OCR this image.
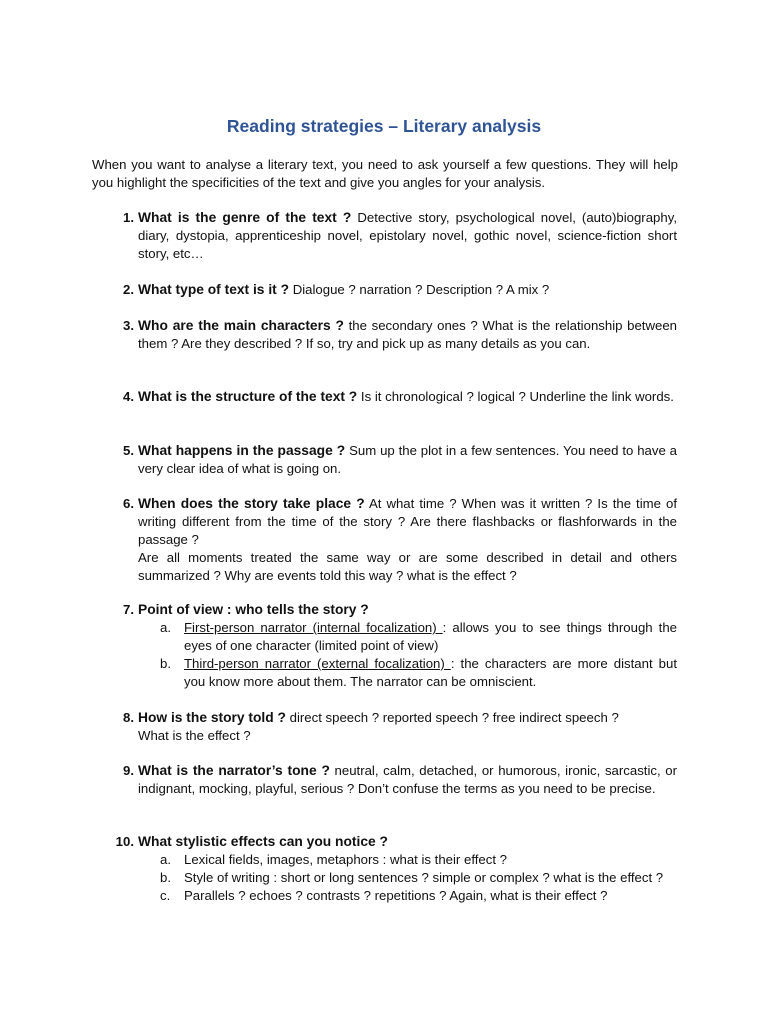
Reading strategies – Literary analysis

When you want to analyse a literary text, you need to ask yourself a few questions. They will help you highlight the specificities of the text and give you angles for your analysis.

1. What is the genre of the text ? Detective story, psychological novel, (auto)biography, diary, dystopia, apprenticeship novel, epistolary novel, gothic novel, science-fiction short story, etc…

2. What type of text is it ? Dialogue ? narration ? Description ? A mix ?

3. Who are the main characters ? the secondary ones ? What is the relationship between them ? Are they described ? If so, try and pick up as many details as you can.

4. What is the structure of the text ? Is it chronological ? logical ? Underline the link words.

5. What happens in the passage ? Sum up the plot in a few sentences. You need to have a very clear idea of what is going on.

6. When does the story take place ? At what time ? When was it written ? Is the time of writing different from the time of the story ? Are there flashbacks or flashforwards in the passage ?

Are all moments treated the same way or are some described in detail and others summarized ? Why are events told this way ? what is the effect ?

7. Point of view : who tells the story ?

a. First-person narrator (internal focalization) : allows you to see things through the eyes of one character (limited point of view)

b. Third-person narrator (external focalization) : the characters are more distant but you know more about them. The narrator can be omniscient.

8. How is the story told ? direct speech ? reported speech ? free indirect speech ?

What is the effect ?

9. What is the narrator’s tone ? neutral, calm, detached, or humorous, ironic, sarcastic, or indignant, mocking, playful, serious ? Don’t confuse the terms as you need to be precise.

10. What stylistic effects can you notice ?

a. Lexical fields, images, metaphors : what is their effect ?

b. Style of writing : short or long sentences ? simple or complex ? what is the effect ?

c. Parallels ? echoes ? contrasts ? repetitions ? Again, what is their effect ?
